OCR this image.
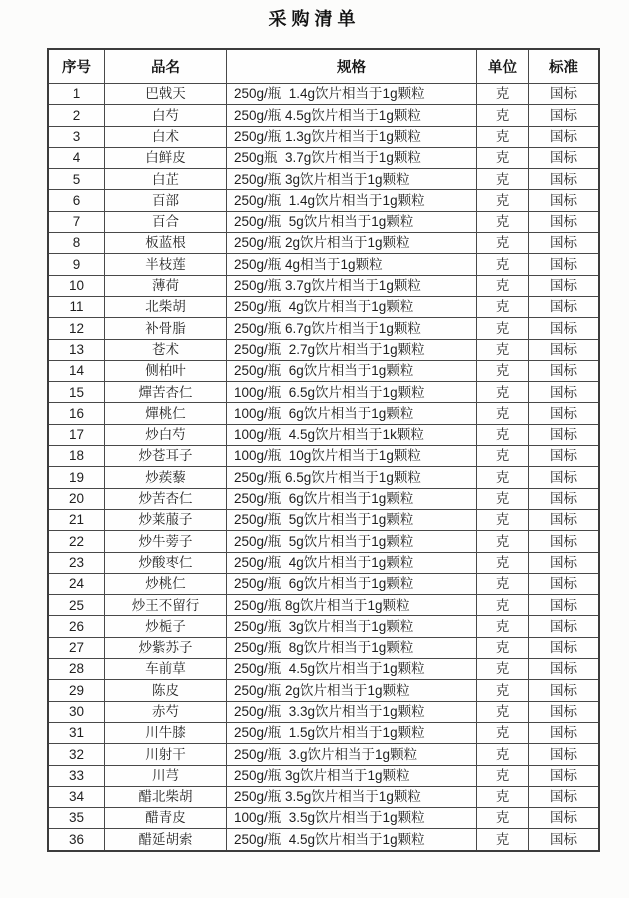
采购清单
序号	品名	规格	单位	标准
1	巴戟天	250g/瓶  1.4g饮片相当于1g颗粒	克	国标
2	白芍	250g/瓶 4.5g饮片相当于1g颗粒	克	国标
3	白术	250g/瓶 1.3g饮片相当于1g颗粒	克	国标
4	白鲜皮	250g瓶  3.7g饮片相当于1g颗粒	克	国标
5	白芷	250g/瓶 3g饮片相当于1g颗粒	克	国标
6	百部	250g/瓶  1.4g饮片相当于1g颗粒	克	国标
7	百合	250g/瓶  5g饮片相当于1g颗粒	克	国标
8	板蓝根	250g/瓶 2g饮片相当于1g颗粒	克	国标
9	半枝莲	250g/瓶 4g相当于1g颗粒	克	国标
10	薄荷	250g/瓶 3.7g饮片相当于1g颗粒	克	国标
11	北柴胡	250g/瓶  4g饮片相当于1g颗粒	克	国标
12	补骨脂	250g/瓶 6.7g饮片相当于1g颗粒	克	国标
13	苍术	250g/瓶  2.7g饮片相当于1g颗粒	克	国标
14	侧柏叶	250g/瓶  6g饮片相当于1g颗粒	克	国标
15	燀苦杏仁	100g/瓶  6.5g饮片相当于1g颗粒	克	国标
16	燀桃仁	100g/瓶  6g饮片相当于1g颗粒	克	国标
17	炒白芍	100g/瓶  4.5g饮片相当于1k颗粒	克	国标
18	炒苍耳子	100g/瓶  10g饮片相当于1g颗粒	克	国标
19	炒蒺藜	250g/瓶 6.5g饮片相当于1g颗粒	克	国标
20	炒苦杏仁	250g/瓶  6g饮片相当于1g颗粒	克	国标
21	炒莱菔子	250g/瓶  5g饮片相当于1g颗粒	克	国标
22	炒牛蒡子	250g/瓶  5g饮片相当于1g颗粒	克	国标
23	炒酸枣仁	250g/瓶  4g饮片相当于1g颗粒	克	国标
24	炒桃仁	250g/瓶  6g饮片相当于1g颗粒	克	国标
25	炒王不留行	250g/瓶 8g饮片相当于1g颗粒	克	国标
26	炒栀子	250g/瓶  3g饮片相当于1g颗粒	克	国标
27	炒紫苏子	250g/瓶  8g饮片相当于1g颗粒	克	国标
28	车前草	250g/瓶  4.5g饮片相当于1g颗粒	克	国标
29	陈皮	250g/瓶 2g饮片相当于1g颗粒	克	国标
30	赤芍	250g/瓶  3.3g饮片相当于1g颗粒	克	国标
31	川牛膝	250g/瓶  1.5g饮片相当于1g颗粒	克	国标
32	川射干	250g/瓶  3.g饮片相当于1g颗粒	克	国标
33	川芎	250g/瓶 3g饮片相当于1g颗粒	克	国标
34	醋北柴胡	250g/瓶 3.5g饮片相当于1g颗粒	克	国标
35	醋青皮	100g/瓶  3.5g饮片相当于1g颗粒	克	国标
36	醋延胡索	250g/瓶  4.5g饮片相当于1g颗粒	克	国标
